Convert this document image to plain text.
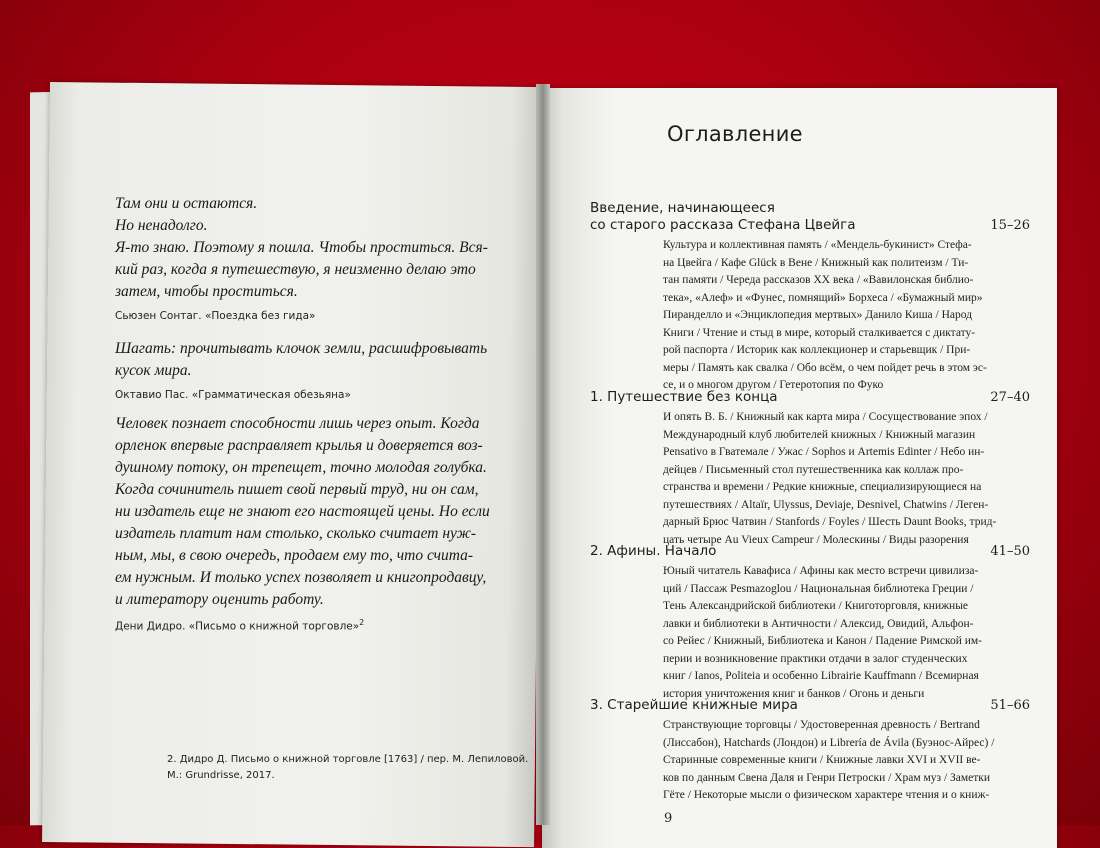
Там они и остаются.
Но ненадолго.
Я-то знаю. Поэтому я пошла. Чтобы проститься. Вся-
кий раз, когда я путешествую, я неизменно делаю это
затем, чтобы проститься.
Сьюзен Сонтаг. «Поездка без гида»
Шагать: прочитывать клочок земли, расшифровывать
кусок мира.
Октавио Пас. «Грамматическая обезьяна»
Человек познает способности лишь через опыт. Когда
орленок впервые расправляет крылья и доверяется воз-
душному потоку, он трепещет, точно молодая голубка.
Когда сочинитель пишет свой первый труд, ни он сам,
ни издатель еще не знают его настоящей цены. Но если
издатель платит нам столько, сколько считает нуж-
ным, мы, в свою очередь, продаем ему то, что счита-
ем нужным. И только успех позволяет и книгопродавцу,
и литератору оценить работу.
Дени Дидро. «Письмо о книжной торговле»$^2$
2. Дидро Д. Письмо о книжной торговле [1763] / пер. М. Лепиловой.
М.: Grundrisse, 2017.
Оглавление
Введение, начинающееся
со старого рассказа Стефана Цвейга	15–26
Культура и коллективная память / «Мендель-букинист» Стефа-
на Цвейга / Кафе Glück в Вене / Книжный как политеизм / Ти-
тан памяти / Череда рассказов XX века / «Вавилонская библио-
тека», «Алеф» и «Фунес, помнящий» Борхеса / «Бумажный мир»
Пиранделло и «Энциклопедия мертвых» Данило Киша / Народ
Книги / Чтение и стыд в мире, который сталкивается с диктату-
рой паспорта / Историк как коллекционер и старьевщик / При-
меры / Память как свалка / Обо всём, о чем пойдет речь в этом эс-
се, и о многом другом / Гетеротопия по Фуко
1. Путешествие без конца	27–40
И опять В. Б. / Книжный как карта мира / Сосуществование эпох /
Международный клуб любителей книжных / Книжный магазин
Pensativo в Гватемале / Ужас / Sophos и Artemis Edinter / Небо ин-
дейцев / Письменный стол путешественника как коллаж про-
странства и времени / Редкие книжные, специализирующиеся на
путешествиях / Altaïr, Ulyssus, Deviaje, Desnivel, Chatwins / Леген-
дарный Брюс Чатвин / Stanfords / Foyles / Шесть Daunt Books, трид-
цать четыре Au Vieux Campeur / Молескины / Виды разорения
2. Афины. Начало	41–50
Юный читатель Кавафиса / Афины как место встречи цивилиза-
ций / Пассаж Pesmazoglou / Национальная библиотека Греции /
Тень Александрийской библиотеки / Книготорговля, книжные
лавки и библиотеки в Античности / Алексид, Овидий, Альфон-
со Рейес / Книжный, Библиотека и Канон / Падение Римской им-
перии и возникновение практики отдачи в залог студенческих
книг / Ianos, Politeia и особенно Librairie Kauffmann / Всемирная
история уничтожения книг и банков / Огонь и деньги
3. Старейшие книжные мира	51–66
Странствующие торговцы / Удостоверенная древность / Bertrand
(Лиссабон), Hatchards (Лондон) и Librería de Ávila (Буэнос-Айрес) /
Старинные современные книги / Книжные лавки XVI и XVII ве-
ков по данным Свена Даля и Генри Петроски / Храм муз / Заметки
Гёте / Некоторые мысли о физическом характере чтения и о книж-
9
